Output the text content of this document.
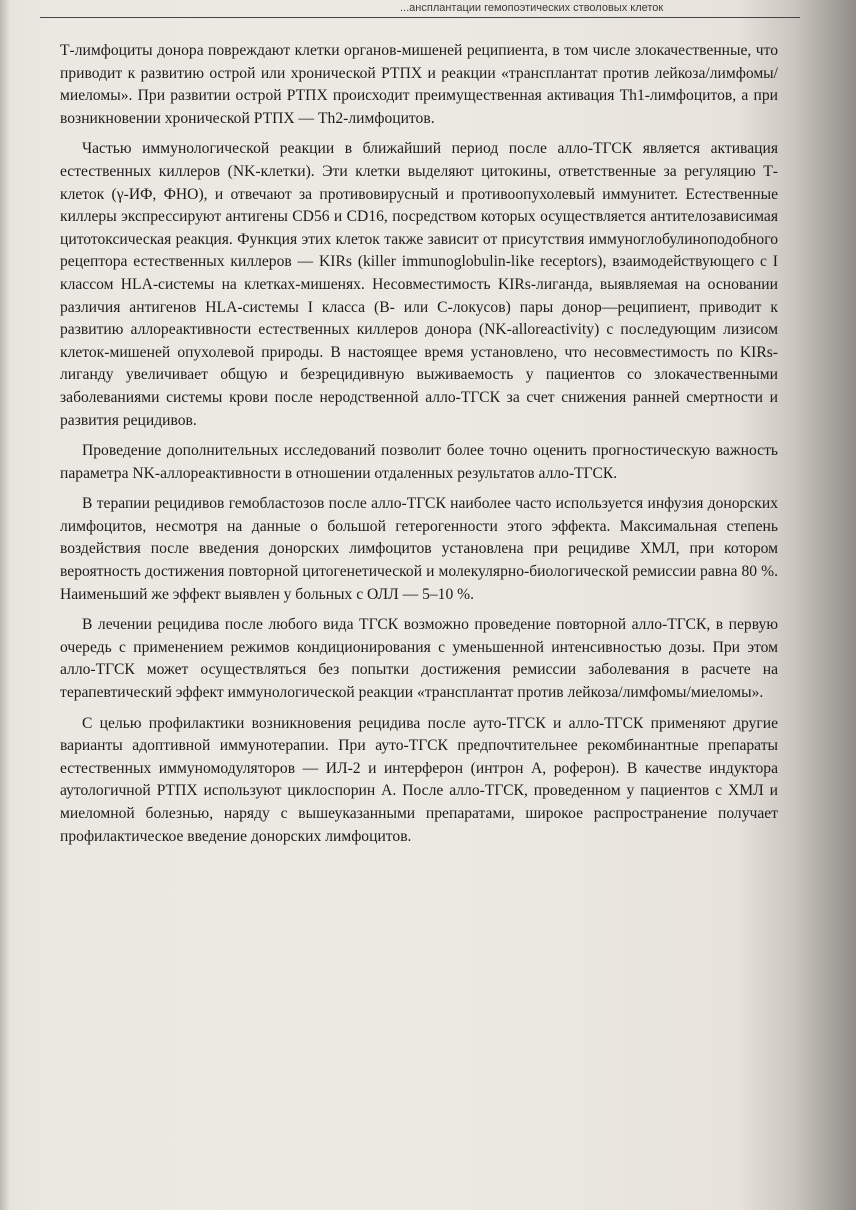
...ансплантации гемопоэтических стволовых клеток

Т-лимфоциты донора повреждают клетки органов-мишеней реципиента, в том числе злокачественные, что приводит к развитию острой или хронической РТПХ и реакции «трансплантат против лейкоза/лимфомы/миеломы». При развитии острой РТПХ происходит преимущественная активация Th1-лимфоцитов, а при возникновении хронической РТПХ — Th2-лимфоцитов.

Частью иммунологической реакции в ближайший период после алло-ТГСК является активация естественных киллеров (NK-клетки). Эти клетки выделяют цитокины, ответственные за регуляцию Т-клеток (γ-ИФ, ФНО), и отвечают за противовирусный и противоопухолевый иммунитет. Естественные киллеры экспрессируют антигены CD56 и CD16, посредством которых осуществляется антителозависимая цитотоксическая реакция. Функция этих клеток также зависит от присутствия иммуноглобулиноподобного рецептора естественных киллеров — KIRs (killer immunoglobulin-like receptors), взаимодействующего с I классом HLA-системы на клетках-мишенях. Несовместимость KIRs-лиганда, выявляемая на основании различия антигенов HLA-системы I класса (B- или C-локусов) пары донор—реципиент, приводит к развитию аллореактивности естественных киллеров донора (NK-alloreactivity) с последующим лизисом клеток-мишеней опухолевой природы. В настоящее время установлено, что несовместимость по KIRs-лиганду увеличивает общую и безрецидивную выживаемость у пациентов со злокачественными заболеваниями системы крови после неродственной алло-ТГСК за счет снижения ранней смертности и развития рецидивов.

Проведение дополнительных исследований позволит более точно оценить прогностическую важность параметра NK-аллореактивности в отношении отдаленных результатов алло-ТГСК.

В терапии рецидивов гемобластозов после алло-ТГСК наиболее часто используется инфузия донорских лимфоцитов, несмотря на данные о большой гетерогенности этого эффекта. Максимальная степень воздействия после введения донорских лимфоцитов установлена при рецидиве ХМЛ, при котором вероятность достижения повторной цитогенетической и молекулярно-биологической ремиссии равна 80 %. Наименьший же эффект выявлен у больных с ОЛЛ — 5–10 %.

В лечении рецидива после любого вида ТГСК возможно проведение повторной алло-ТГСК, в первую очередь с применением режимов кондиционирования с уменьшенной интенсивностью дозы. При этом алло-ТГСК может осуществляться без попытки достижения ремиссии заболевания в расчете на терапевтический эффект иммунологической реакции «трансплантат против лейкоза/лимфомы/миеломы».

С целью профилактики возникновения рецидива после ауто-ТГСК и алло-ТГСК применяют другие варианты адоптивной иммунотерапии. При ауто-ТГСК предпочтительнее рекомбинантные препараты естественных иммуномодуляторов — ИЛ-2 и интерферон (интрон А, роферон). В качестве индуктора аутологичной РТПХ используют циклоспорин А. После алло-ТГСК, проведенном у пациентов с ХМЛ и миеломной болезнью, наряду с вышеуказанными препаратами, широкое распространение получает профилактическое введение донорских лимфоцитов.
